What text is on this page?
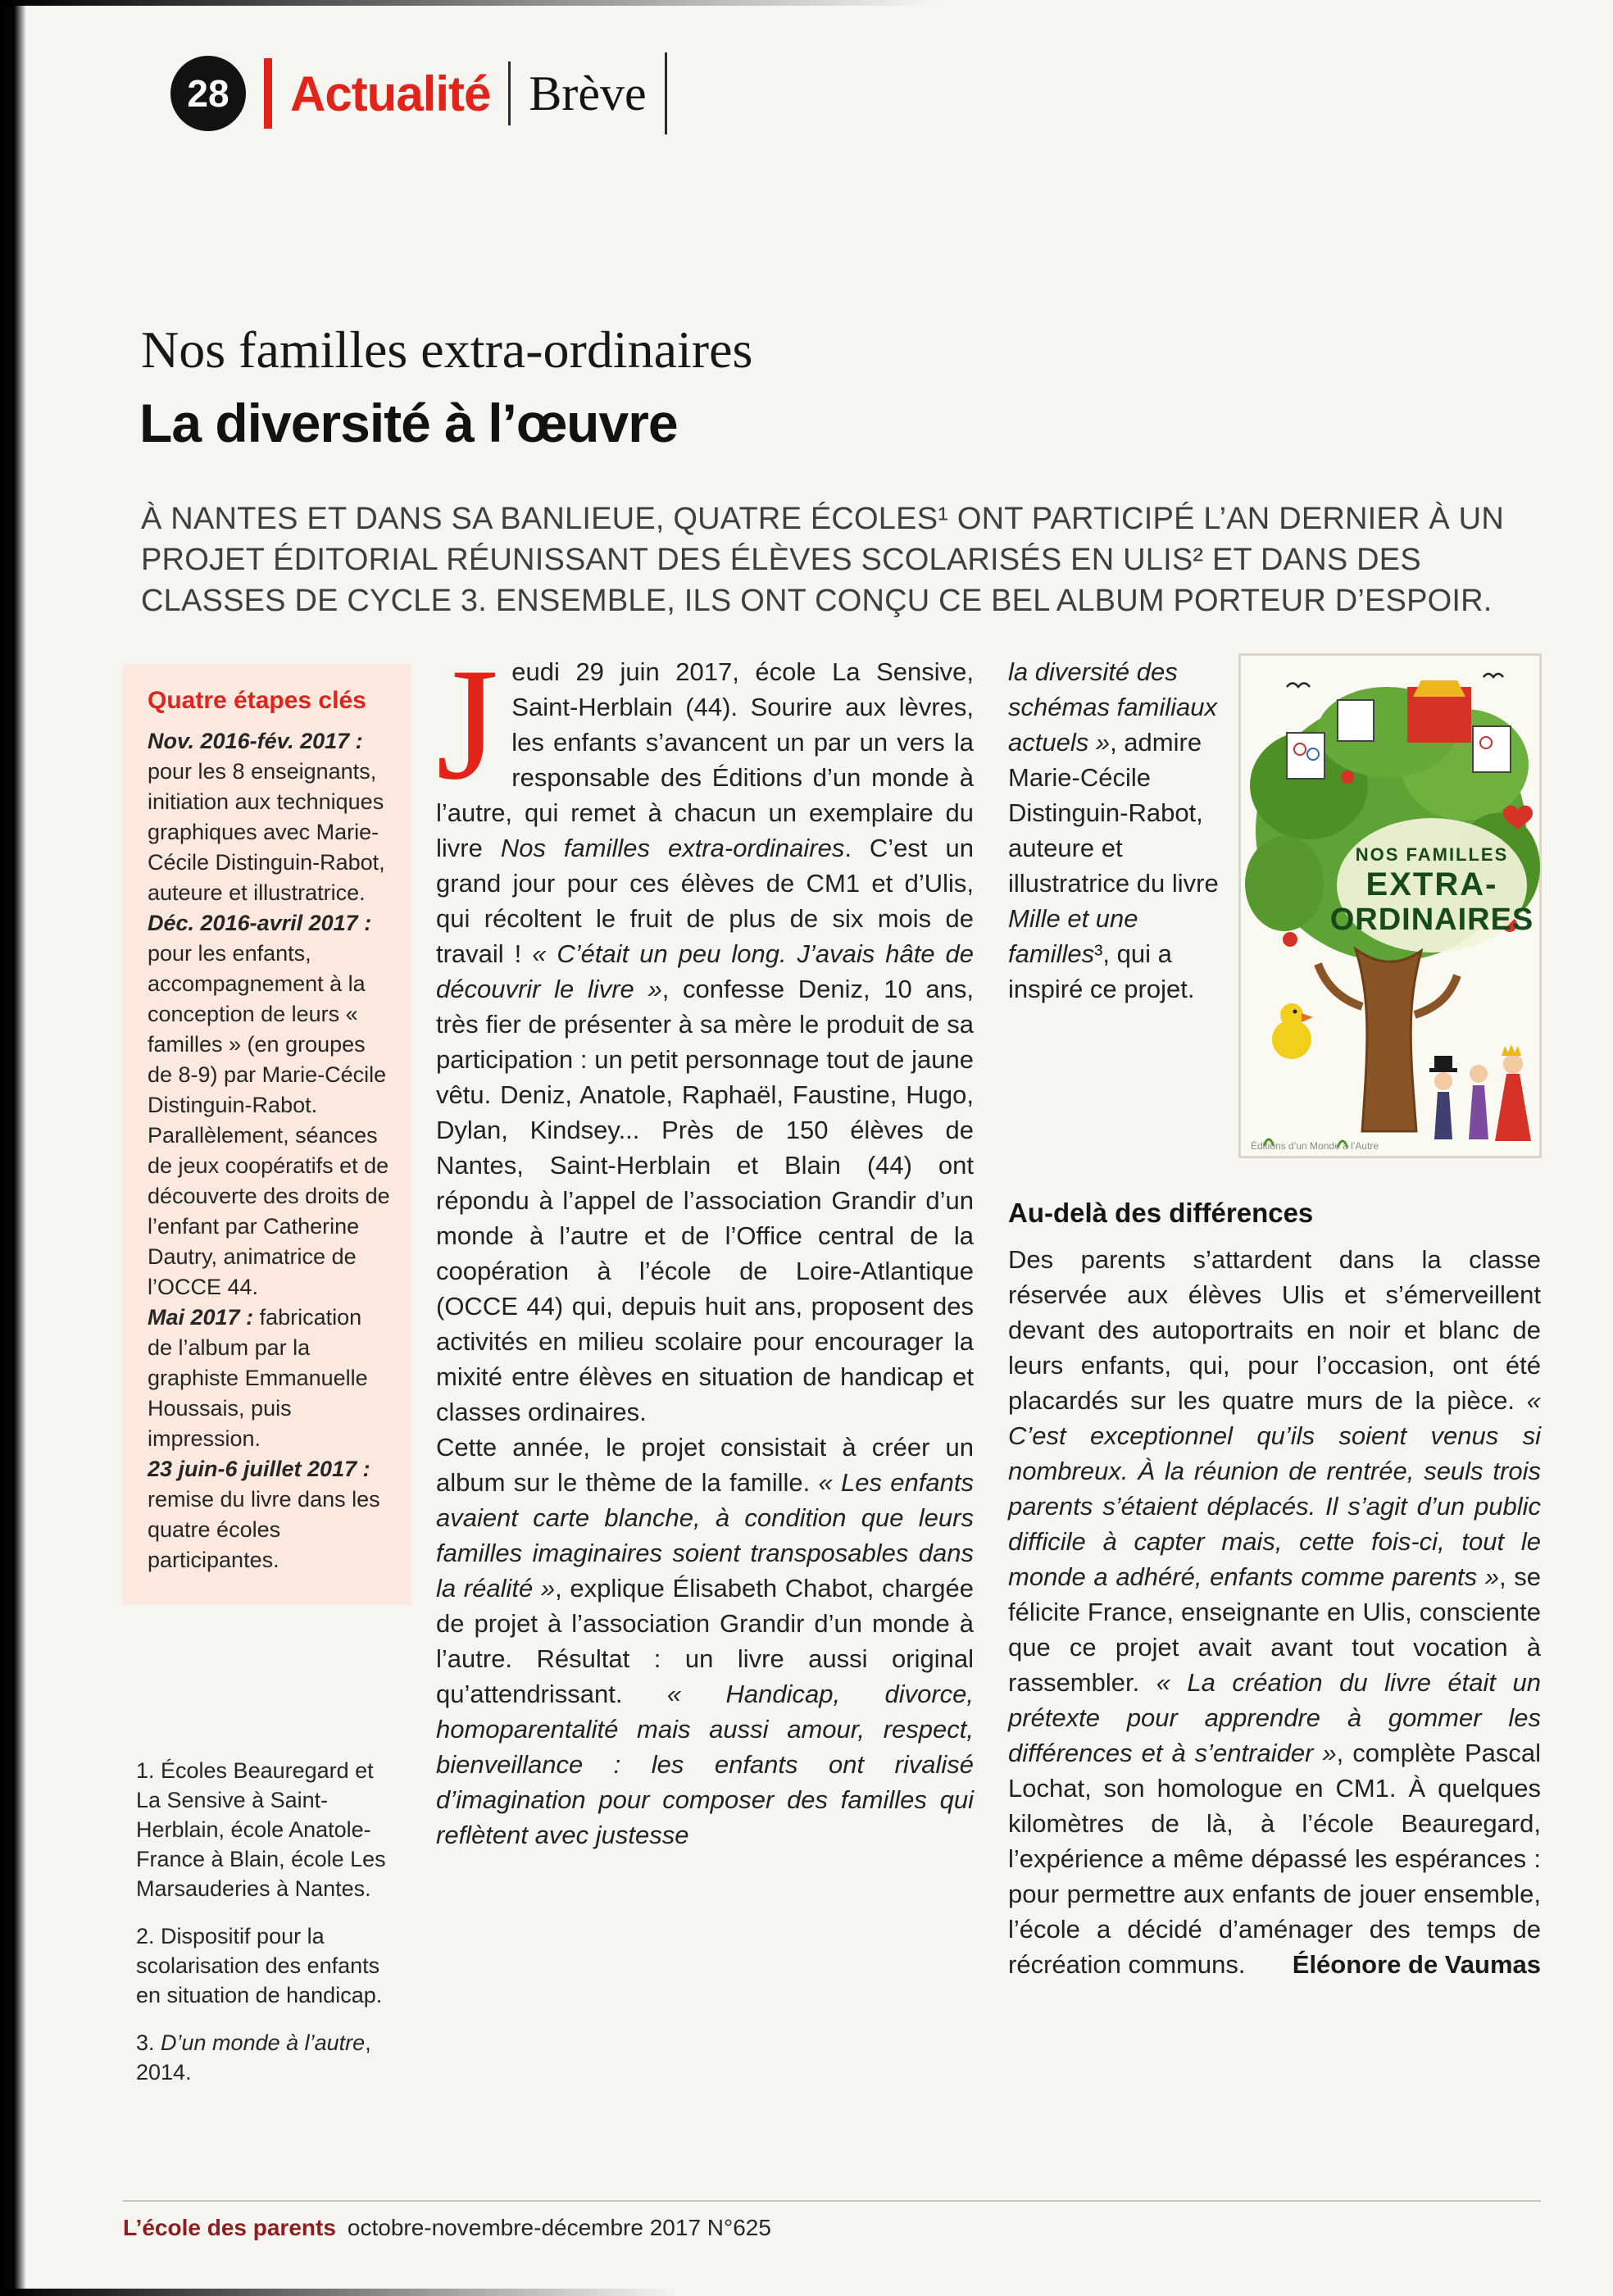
28 Actualité Brève
Nos familles extra-ordinaires
La diversité à l’œuvre

À NANTES ET DANS SA BANLIEUE, QUATRE ÉCOLES¹ ONT PARTICIPÉ L’AN DERNIER À UN PROJET ÉDITORIAL RÉUNISSANT DES ÉLÈVES SCOLARISÉS EN ULIS² ET DANS DES CLASSES DE CYCLE 3. ENSEMBLE, ILS ONT CONÇU CE BEL ALBUM PORTEUR D’ESPOIR.

Quatre étapes clés
Nov. 2016-fév. 2017 : pour les 8 enseignants, initiation aux techniques graphiques avec Marie-Cécile Distinguin-Rabot, auteure et illustratrice.
Déc. 2016-avril 2017 : pour les enfants, accompagnement à la conception de leurs « familles » (en groupes de 8-9) par Marie-Cécile Distinguin-Rabot. Parallèlement, séances de jeux coopératifs et de découverte des droits de l’enfant par Catherine Dautry, animatrice de l’OCCE 44.
Mai 2017 : fabrication de l’album par la graphiste Emmanuelle Houssais, puis impression.
23 juin-6 juillet 2017 : remise du livre dans les quatre écoles participantes.
1. Écoles Beauregard et La Sensive à Saint-Herblain, école Anatole-France à Blain, école Les Marsauderies à Nantes.
2. Dispositif pour la scolarisation des enfants en situation de handicap.
3. D’un monde à l’autre, 2014.

Jeudi 29 juin 2017, école La Sensive, Saint-Herblain (44). Sourire aux lèvres, les enfants s’avancent un par un vers la responsable des Éditions d’un monde à l’autre, qui remet à chacun un exemplaire du livre Nos familles extra-ordinaires. C’est un grand jour pour ces élèves de CM1 et d’Ulis, qui récoltent le fruit de plus de six mois de travail ! « C’était un peu long. J’avais hâte de découvrir le livre », confesse Deniz, 10 ans, très fier de présenter à sa mère le produit de sa participation : un petit personnage tout de jaune vêtu. Deniz, Anatole, Raphaël, Faustine, Hugo, Dylan, Kindsey... Près de 150 élèves de Nantes, Saint-Herblain et Blain (44) ont répondu à l’appel de l’association Grandir d’un monde à l’autre et de l’Office central de la coopération à l’école de Loire-Atlantique (OCCE 44) qui, depuis huit ans, proposent des activités en milieu scolaire pour encourager la mixité entre élèves en situation de handicap et classes ordinaires.

Cette année, le projet consistait à créer un album sur le thème de la famille. « Les enfants avaient carte blanche, à condition que leurs familles imaginaires soient transposables dans la réalité », explique Élisabeth Chabot, chargée de projet à l’association Grandir d’un monde à l’autre. Résultat : un livre aussi original qu’attendrissant. « Handicap, divorce, homoparentalité mais aussi amour, respect, bienveillance : les enfants ont rivalisé d’imagination pour composer des familles qui reflètent avec justesse

la diversité des schémas familiaux actuels », admire Marie-Cécile Distinguin-Rabot, auteure et illustratrice du livre Mille et une familles³, qui a inspiré ce projet.
NOS FAMILLES
EXTRA-
ORDINAIRES
Éditions d’un Monde à l’Autre
Au-delà des différences

Des parents s’attardent dans la classe réservée aux élèves Ulis et s’émerveillent devant des autoportraits en noir et blanc de leurs enfants, qui, pour l’occasion, ont été placardés sur les quatre murs de la pièce. « C’est exceptionnel qu’ils soient venus si nombreux. À la réunion de rentrée, seuls trois parents s’étaient déplacés. Il s’agit d’un public difficile à capter mais, cette fois-ci, tout le monde a adhéré, enfants comme parents », se félicite France, enseignante en Ulis, consciente que ce projet avait avant tout vocation à rassembler. « La création du livre était un prétexte pour apprendre à gommer les différences et à s’entraider », complète Pascal Lochat, son homologue en CM1. À quelques kilomètres de là, à l’école Beauregard, l’expérience a même dépassé les espérances : pour permettre aux enfants de jouer ensemble, l’école a décidé d’aménager des temps de récréation communs.	Éléonore de Vaumas
L’école des parents octobre-novembre-décembre 2017 N°625
